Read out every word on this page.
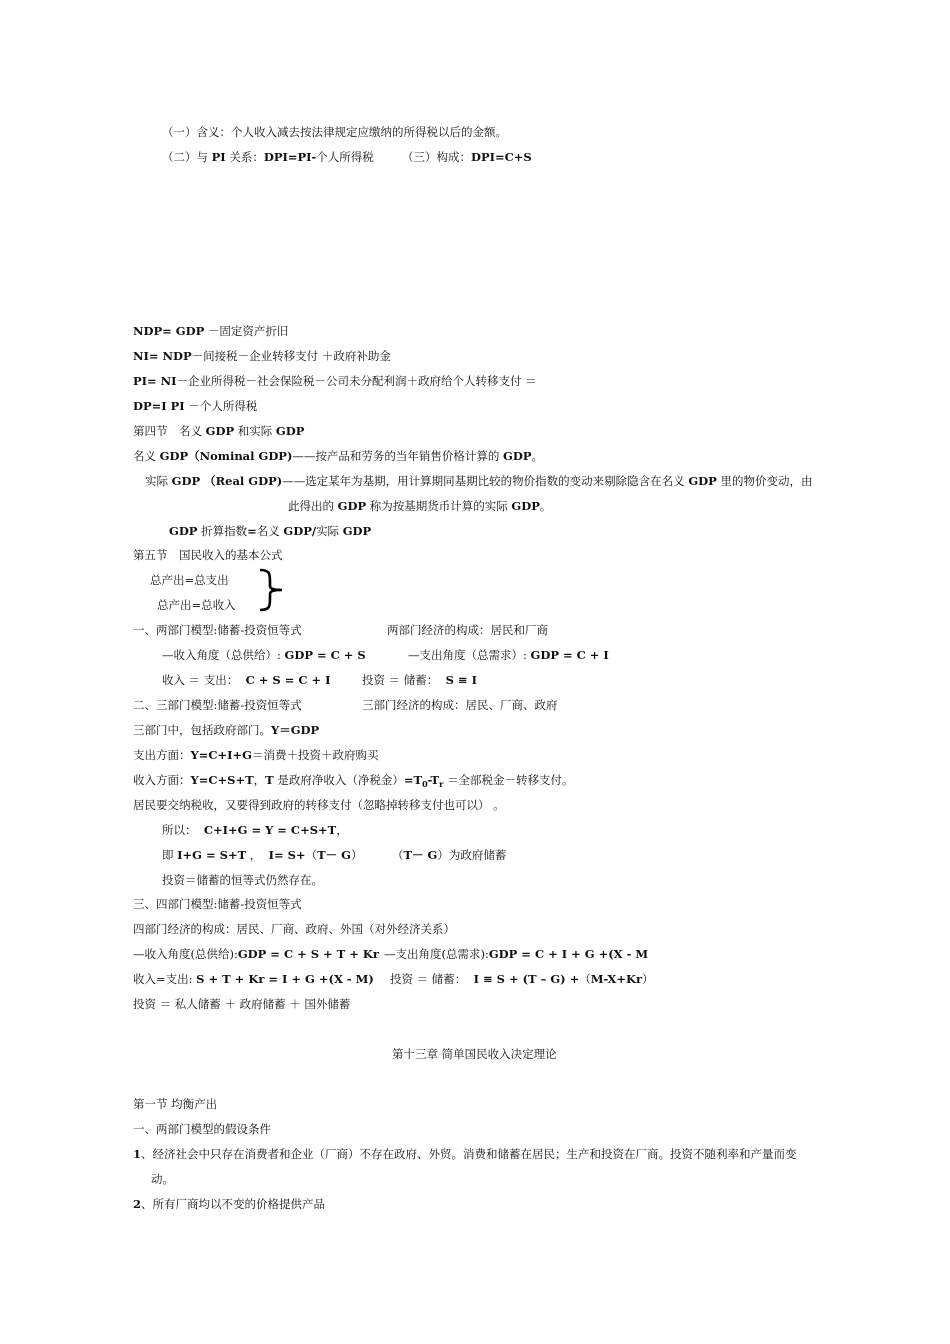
（一）含义：个人收入减去按法律规定应缴纳的所得税以后的金额。
（二）与 PI 关系：DPI=PI-个人所得税 （三）构成：DPI=C+S
NDP= GDP －固定资产折旧
NI= NDP－间接税－企业转移支付 ＋政府补助金
PI= NI－企业所得税－社会保险税－公司未分配利润＋政府给个人转移支付 ＝
DP=I PI －个人所得税
第四节　名义 GDP 和实际 GDP
名义 GDP（Nominal GDP)——按产品和劳务的当年销售价格计算的 GDP。
实际 GDP （Real GDP)——选定某年为基期，用计算期同基期比较的物价指数的变动来剔除隐含在名义 GDP 里的物价变动，由
此得出的 GDP 称为按基期货币计算的实际 GDP。
GDP 折算指数=名义 GDP/实际 GDP
第五节　国民收入的基本公式
总产出=总支出
总产出=总收入
一、两部门模型:储蓄-投资恒等式	两部门经济的构成：居民和厂商
—收入角度（总供给）: GDP = C + S	—支出角度（总需求）: GDP = C + I
收入 ＝ 支出： C + S = C + I	投资 ＝ 储蓄： S ≡ I
二、三部门模型:储蓄-投资恒等式	三部门经济的构成：居民、厂商、政府
三部门中，包括政府部门。Y＝GDP
支出方面：Y=C+I+G＝消费＋投资＋政府购买
收入方面：Y=C+S+T，T 是政府净收入（净税金）$=T_0-T_r$ ＝全部税金－转移支付。
居民要交纳税收，又要得到政府的转移支付（忽略掉转移支付也可以） 。
所以： C+I+G = Y = C+S+T，
即 I+G = S+T ， I= S+（T－ G）	（T－ G）为政府储蓄
投资＝储蓄的恒等式仍然存在。
三、四部门模型:储蓄-投资恒等式
四部门经济的构成：居民、厂商、政府、外国（对外经济关系）
—收入角度(总供给):GDP = C + S + T + Kr —支出角度(总需求):GDP = C + I + G +(X - M
收入=支出: S + T + Kr = I + G +(X - M) 投资 ＝ 储蓄： I ≡ S + (T – G) +（M-X+Kr）
投资 ＝ 私人储蓄 ＋ 政府储蓄 ＋ 国外储蓄
第十三章 简单国民收入决定理论
第一节 均衡产出
一、两部门模型的假设条件
1、经济社会中只存在消费者和企业（厂商）不存在政府、外贸。消费和储蓄在居民；生产和投资在厂商。投资不随利率和产量而变
动。
2、所有厂商均以不变的价格提供产品
